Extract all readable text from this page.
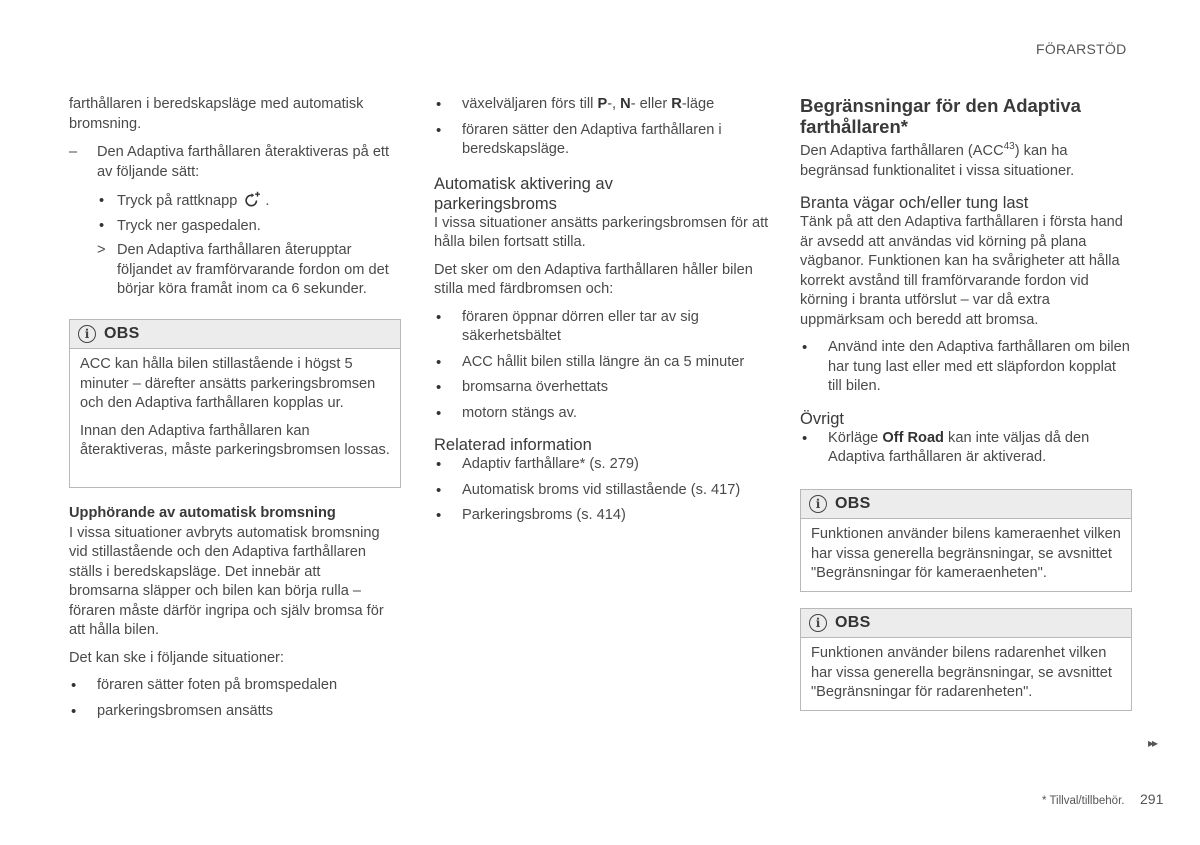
FÖRARSTÖD

farthållaren i beredskapsläge med automatisk bromsning.

– Den Adaptiva farthållaren återaktiveras på ett av följande sätt:
• Tryck på rattknapp .
• Tryck ner gaspedalen.
> Den Adaptiva farthållaren återupptar följandet av framförvarande fordon om det börjar köra framåt inom ca 6 sekunder.
i OBS

ACC kan hålla bilen stillastående i högst 5 minuter – därefter ansätts parkeringsbromsen och den Adaptiva farthållaren kopplas ur.

Innan den Adaptiva farthållaren kan återaktiveras, måste parkeringsbromsen lossas.

Upphörande av automatisk bromsning

I vissa situationer avbryts automatisk bromsning vid stillastående och den Adaptiva farthållaren ställs i beredskapsläge. Det innebär att bromsarna släpper och bilen kan börja rulla – föraren måste därför ingripa och själv bromsa för att hålla bilen.

Det kan ske i följande situationer:

• föraren sätter foten på bromspedalen
• parkeringsbromsen ansätts
• växelväljaren förs till P-, N- eller R-läge
• föraren sätter den Adaptiva farthållaren i beredskapsläge.
Automatisk aktivering av parkeringsbroms

I vissa situationer ansätts parkeringsbromsen för att hålla bilen fortsatt stilla.

Det sker om den Adaptiva farthållaren håller bilen stilla med färdbromsen och:

• föraren öppnar dörren eller tar av sig säkerhetsbältet
• ACC hållit bilen stilla längre än ca 5 minuter
• bromsarna överhettats
• motorn stängs av.
Relaterad information
• Adaptiv farthållare* (s. 279)
• Automatisk broms vid stillastående (s. 417)
• Parkeringsbroms (s. 414)
Begränsningar för den Adaptiva farthållaren*

Den Adaptiva farthållaren (ACC$^{43}$) kan ha begränsad funktionalitet i vissa situationer.

Branta vägar och/eller tung last

Tänk på att den Adaptiva farthållaren i första hand är avsedd att användas vid körning på plana vägbanor. Funktionen kan ha svårigheter att hålla korrekt avstånd till framförvarande fordon vid körning i branta utförslut – var då extra uppmärksam och beredd att bromsa.

• Använd inte den Adaptiva farthållaren om bilen har tung last eller med ett släpfordon kopplat till bilen.
Övrigt
• Körläge Off Road kan inte väljas då den Adaptiva farthållaren är aktiverad.
i OBS

Funktionen använder bilens kameraenhet vilken har vissa generella begränsningar, se avsnittet "Begränsningar för kameraenheten".

i OBS

Funktionen använder bilens radarenhet vilken har vissa generella begränsningar, se avsnittet "Begränsningar för radarenheten".

▸▸
* Tillval/tillbehör. 291
